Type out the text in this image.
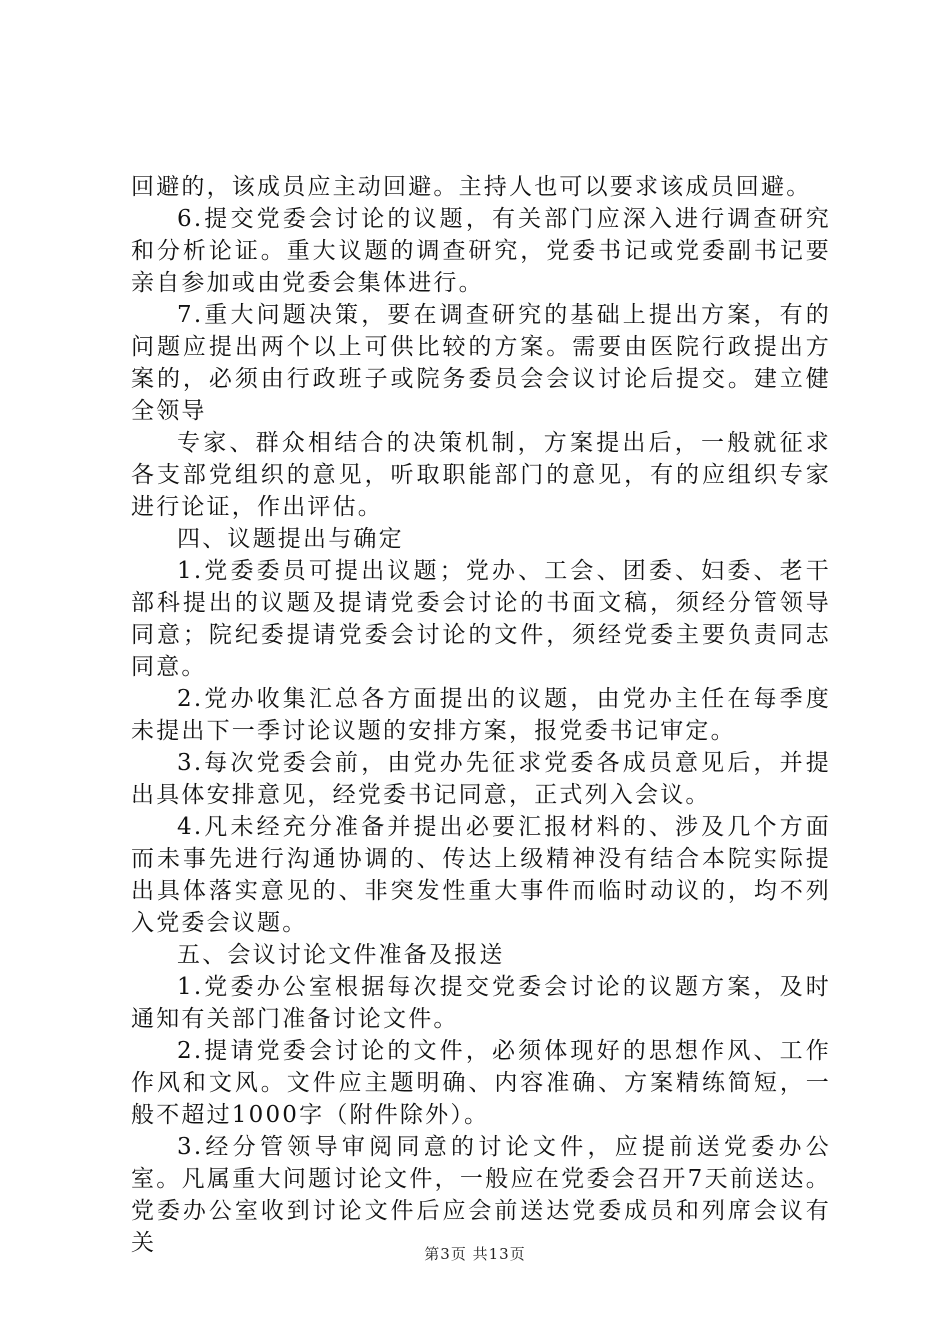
回避的，该成员应主动回避。主持人也可以要求该成员回避。

6.提交党委会讨论的议题，有关部门应深入进行调查研究和分析论证。重大议题的调查研究，党委书记或党委副书记要亲自参加或由党委会集体进行。

7.重大问题决策，要在调查研究的基础上提出方案，有的问题应提出两个以上可供比较的方案。需要由医院行政提出方案的，必须由行政班子或院务委员会会议讨论后提交。建立健全领导

专家、群众相结合的决策机制，方案提出后，一般就征求各支部党组织的意见，听取职能部门的意见，有的应组织专家进行论证，作出评估。

四、议题提出与确定

1.党委委员可提出议题；党办、工会、团委、妇委、老干部科提出的议题及提请党委会讨论的书面文稿，须经分管领导同意；院纪委提请党委会讨论的文件，须经党委主要负责同志同意。

2.党办收集汇总各方面提出的议题，由党办主任在每季度未提出下一季讨论议题的安排方案，报党委书记审定。

3.每次党委会前，由党办先征求党委各成员意见后，并提出具体安排意见，经党委书记同意，正式列入会议。

4.凡未经充分准备并提出必要汇报材料的、涉及几个方面而未事先进行沟通协调的、传达上级精神没有结合本院实际提出具体落实意见的、非突发性重大事件而临时动议的，均不列入党委会议题。

五、会议讨论文件准备及报送

1.党委办公室根据每次提交党委会讨论的议题方案，及时通知有关部门准备讨论文件。

2.提请党委会讨论的文件，必须体现好的思想作风、工作作风和文风。文件应主题明确、内容准确、方案精练简短，一般不超过1000字（附件除外）。

3.经分管领导审阅同意的讨论文件，应提前送党委办公室。凡属重大问题讨论文件，一般应在党委会召开7天前送达。党委办公室收到讨论文件后应会前送达党委成员和列席会议有关	第3页 共13页
